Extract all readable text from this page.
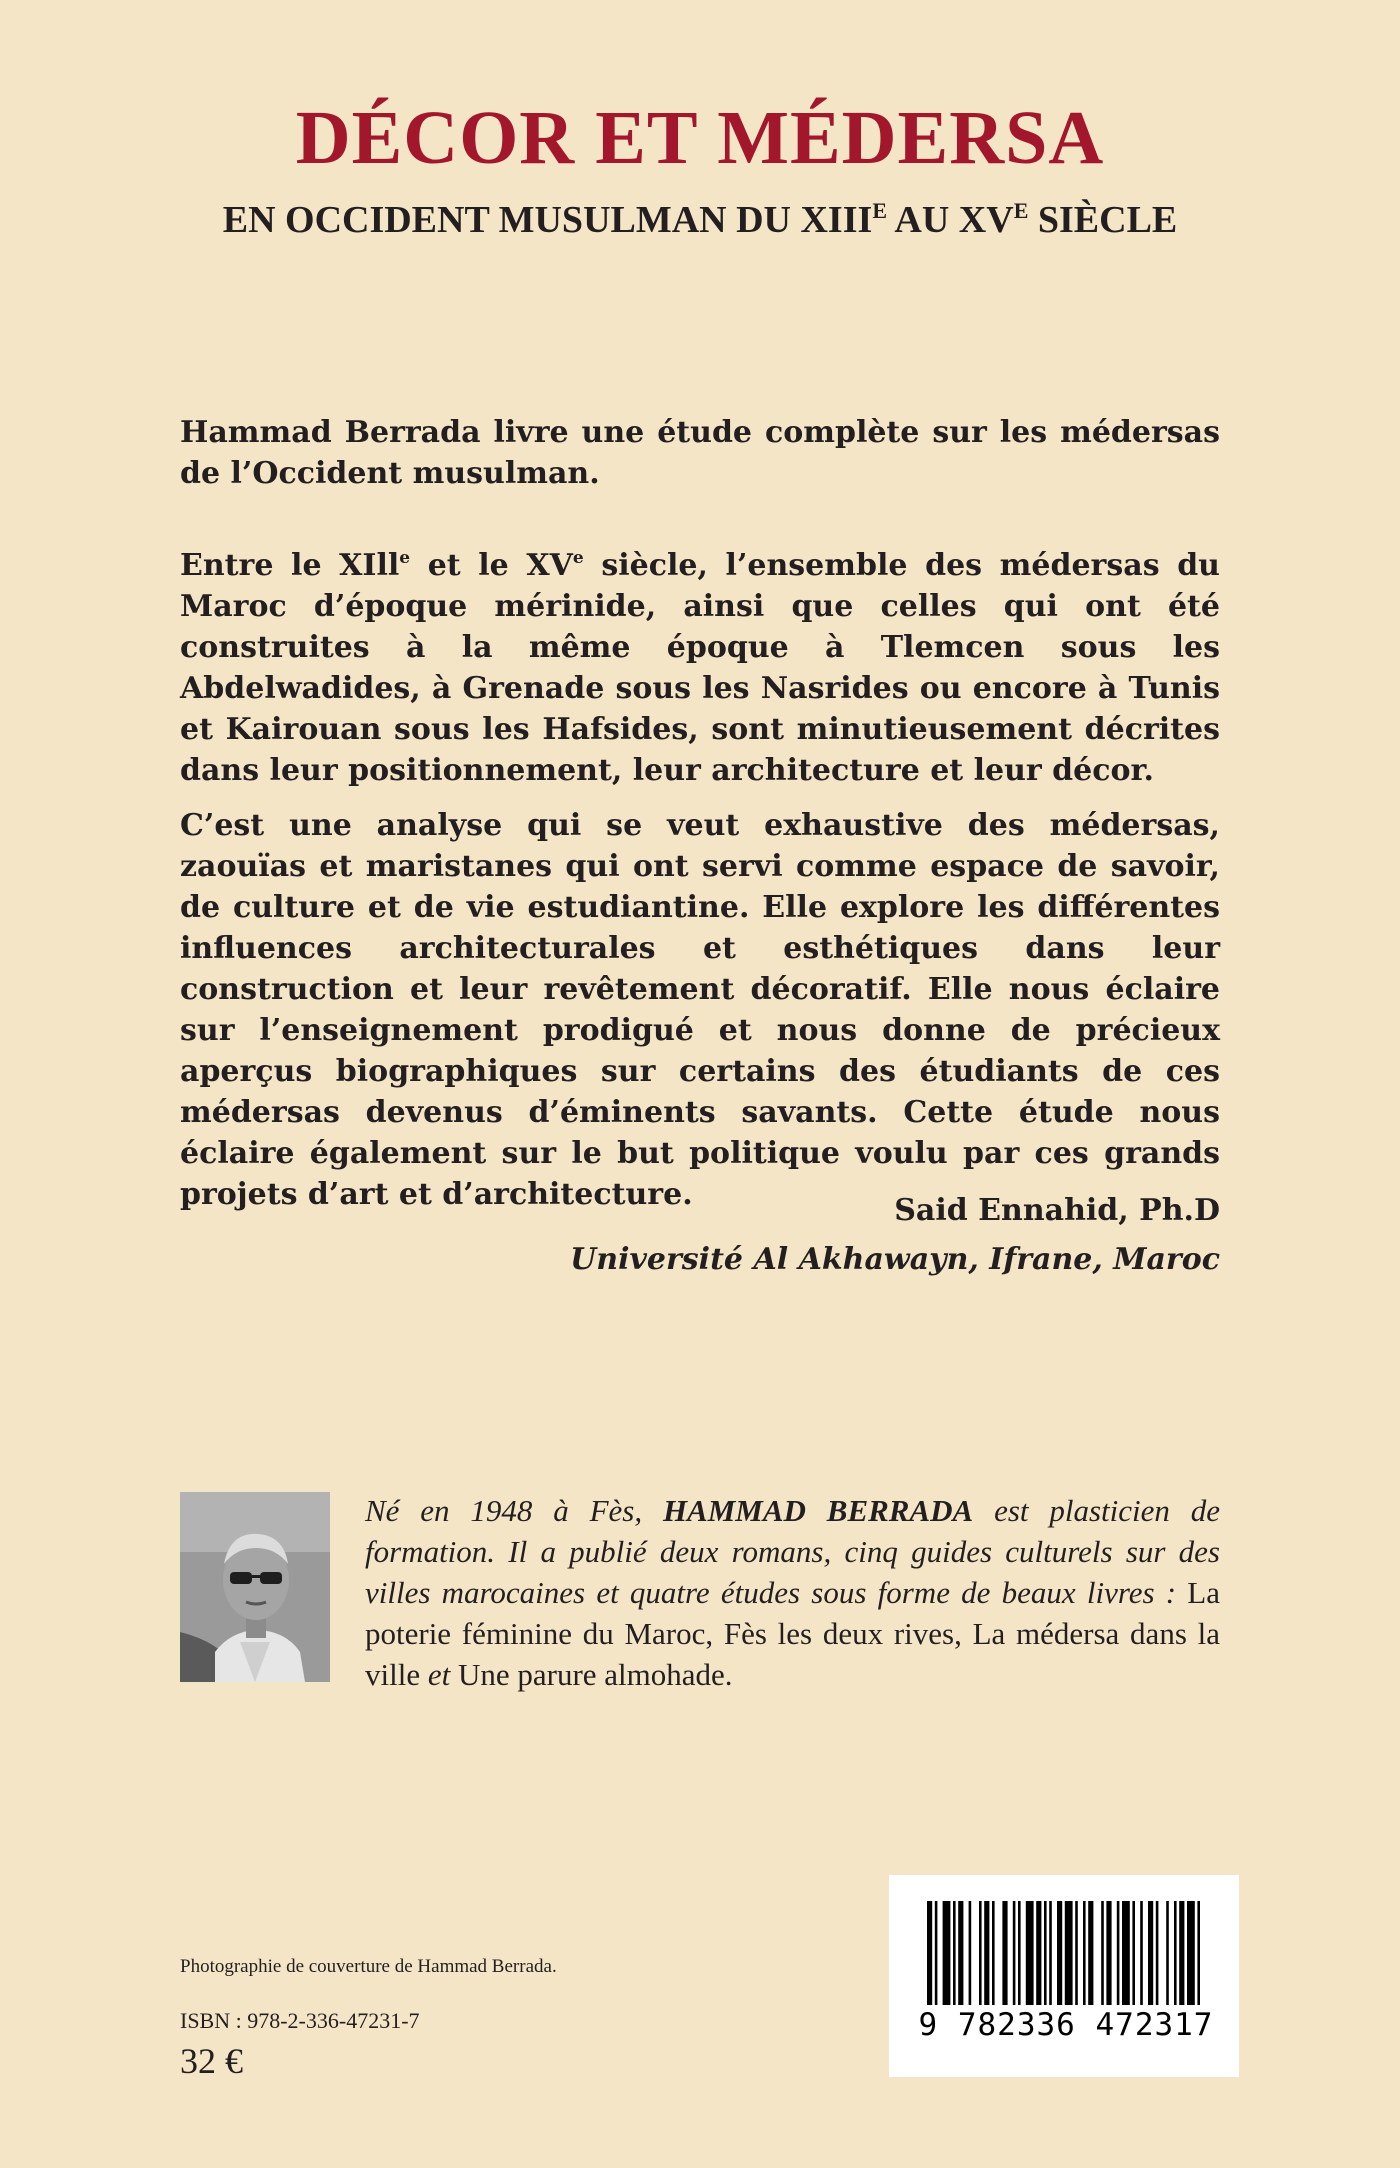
DÉCOR ET MÉDERSA
EN OCCIDENT MUSULMAN DU $XIII^E$ AU $XV^E$ SIÈCLE
Hammad Berrada livre une étude complète sur les médersas de l’Occident musulman.
Entre le XIll$^e$ et le XVe siècle, l’ensemble des médersas du Maroc d’époque mérinide, ainsi que celles qui ont été construites à la même époque à Tlemcen sous les Abdelwadides, à Grenade sous les Nasrides ou encore à Tunis et Kairouan sous les Hafsides, sont minutieusement décrites dans leur positionnement, leur architecture et leur décor.
C’est une analyse qui se veut exhaustive des médersas, zaouïas et maristanes qui ont servi comme espace de savoir, de culture et de vie estudiantine. Elle explore les différentes influences architecturales et esthétiques dans leur construction et leur revêtement décoratif. Elle nous éclaire sur l’enseignement prodigué et nous donne de précieux aperçus biographiques sur certains des étudiants de ces médersas devenus d’éminents savants. Cette étude nous éclaire également sur le but politique voulu par ces grands projets d’art et d’architecture.	Said Ennahid, Ph.D
Université Al Akhawayn, Ifrane, Maroc
Né en 1948 à Fès, HAMMAD BERRADA est plasticien de formation. Il a publié deux romans, cinq guides culturels sur des villes marocaines et quatre études sous forme de beaux livres : La poterie féminine du Maroc, Fès les deux rives, La médersa dans la ville et Une parure almohade.
Photographie de couverture de Hammad Berrada.
ISBN : 978-2-336-47231-7
32 €
9 782336 472317
